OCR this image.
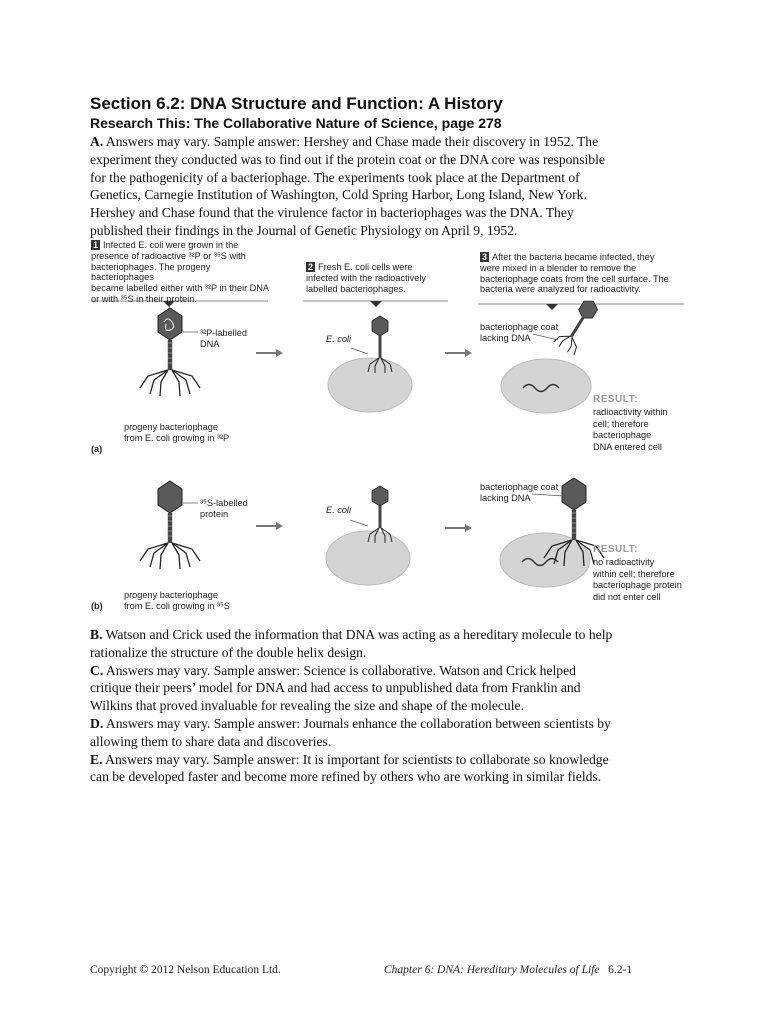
Section 6.2: DNA Structure and Function: A History
Research This: The Collaborative Nature of Science, page 278
A. Answers may vary. Sample answer: Hershey and Chase made their discovery in 1952. The
experiment they conducted was to find out if the protein coat or the DNA core was responsible
for the pathogenicity of a bacteriophage. The experiments took place at the Department of
Genetics, Carnegie Institution of Washington, Cold Spring Harbor, Long Island, New York.
Hershey and Chase found that the virulence factor in bacteriophages was the DNA. They
published their findings in the Journal of Genetic Physiology on April 9, 1952.
1 Infected E. coli were grown in the
presence of radioactive ³²P or ³⁵S with
bacteriophages. The progeny bacteriophages
became labelled either with ³²P in their DNA
or with ³⁵S in their protein.
2 Fresh E. coli cells were
infected with the radioactively
labelled bacteriophages.
3 After the bacteria became infected, they
were mixed in a blender to remove the
bacteriophage coats from the cell surface. The
bacteria were analyzed for radioactivity.
³²P-labelled
DNA
progeny bacteriophage
from E. coli growing in ³²P
(a)
E. coli
bacteriophage coat
lacking DNA
RESULT:
radioactivity within
cell; therefore
bacteriophage
DNA entered cell
³⁵S-labelled
protein
progeny bacteriophage
from E. coli growing in ³⁵S
(b)
E. coli
bacteriophage coat
lacking DNA
RESULT:
no radioactivity
within cell; therefore
bacteriophage protein
did not enter cell
B. Watson and Crick used the information that DNA was acting as a hereditary molecule to help
rationalize the structure of the double helix design.
C. Answers may vary. Sample answer: Science is collaborative. Watson and Crick helped
critique their peers’ model for DNA and had access to unpublished data from Franklin and
Wilkins that proved invaluable for revealing the size and shape of the molecule.
D. Answers may vary. Sample answer: Journals enhance the collaboration between scientists by
allowing them to share data and discoveries.
E. Answers may vary. Sample answer: It is important for scientists to collaborate so knowledge
can be developed faster and become more refined by others who are working in similar fields.
Copyright © 2012 Nelson Education Ltd.	Chapter 6: DNA: Hereditary Molecules of Life 6.2-1
